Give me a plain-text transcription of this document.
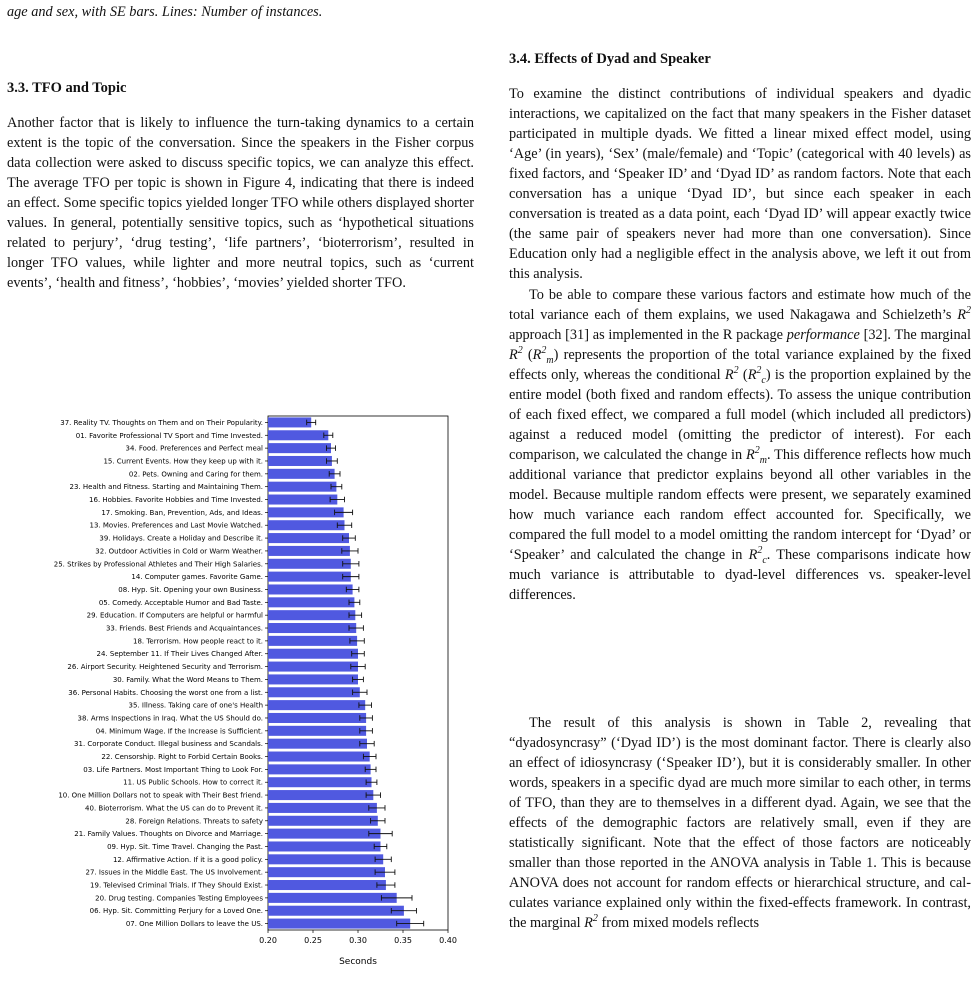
age and sex, with SE bars. Lines: Number of instances.

3.3. TFO and Topic

Another factor that is likely to influence the turn-taking dynamics to a certain extent is the topic of the conversation. Since the speakers in the Fisher corpus data collection were asked to discuss specific topics, we can analyze this effect. The average TFO per topic is shown in Figure 4, indicating that there is indeed an effect. Some specific topics yielded longer TFO while others displayed shorter values. In general, potentially sensitive topics, such as ‘hypothetical situations related to perjury’, ‘drug testing’, ‘life partners’, ‘bioterrorism’, resulted in longer TFO values, while lighter and more neutral topics, such as ‘current events’, ‘health and fitness’, ‘hobbies’, ‘movies’ yielded shorter TFO.

37. Reality TV. Thoughts on Them and on Their Popularity.
01. Favorite Professional TV Sport and Time Invested.
34. Food. Preferences and Perfect meal
15. Current Events. How they keep up with it.
02. Pets. Owning and Caring for them.
23. Health and Fitness. Starting and Maintaining Them.
16. Hobbies. Favorite Hobbies and Time Invested.
17. Smoking. Ban, Prevention, Ads, and Ideas.
13. Movies. Preferences and Last Movie Watched.
39. Holidays. Create a Holiday and Describe it.
32. Outdoor Activities in Cold or Warm Weather.
25. Strikes by Professional Athletes and Their High Salaries.
14. Computer games. Favorite Game.
08. Hyp. Sit. Opening your own Business.
05. Comedy. Acceptable Humor and Bad Taste.
29. Education. If Computers are helpful or harmful
33. Friends. Best Friends and Acquaintances.
18. Terrorism. How people react to it.
24. September 11. If Their Lives Changed After.
26. Airport Security. Heightened Security and Terrorism.
30. Family. What the Word Means to Them.
36. Personal Habits. Choosing the worst one from a list.
35. Illness. Taking care of one's Health
38. Arms Inspections in Iraq. What the US Should do.
04. Minimum Wage. If the Increase is Sufficient.
31. Corporate Conduct. Illegal business and Scandals.
22. Censorship. Right to Forbid Certain Books.
03. Life Partners. Most Important Thing to Look For.
11. US Public Schools. How to correct it.
10. One Million Dollars not to speak with Their Best friend.
40. Bioterrorism. What the US can do to Prevent it.
28. Foreign Relations. Threats to safety
21. Family Values. Thoughts on Divorce and Marriage.
09. Hyp. Sit. Time Travel. Changing the Past.
12. Affirmative Action. If it is a good policy.
27. Issues in the Middle East. The US Involvement.
19. Televised Criminal Trials. If They Should Exist.
20. Drug testing. Companies Testing Employees
06. Hyp. Sit. Committing Perjury for a Loved One.
07. One Million Dollars to leave the US.
0.20	0.25	0.30	0.35	0.40
Seconds
3.4. Effects of Dyad and Speaker

To examine the distinct contributions of individual speakers and dyadic interactions, we capitalized on the fact that many speakers in the Fisher dataset participated in multiple dyads. We fitted a linear mixed effect model, using ‘Age’ (in years), ‘Sex’ (male/female) and ‘Topic’ (categorical with 40 levels) as fixed factors, and ‘Speaker ID’ and ‘Dyad ID’ as random factors. Note that each conversation has a unique ‘Dyad ID’, but since each speaker in each conversation is treated as a data point, each ‘Dyad ID’ will appear exactly twice (the same pair of speakers never had more than one conversation). Since Education only had a negligible effect in the analysis above, we left it out from this analysis.

To be able to compare these various factors and estimate how much of the total variance each of them explains, we used Nakagawa and Schielzeth’s $R^2$ approach [31] as implemented in the R package performance [32]. The marginal $R^2$ $(R^2_m)$ represents the proportion of the total variance explained by the fixed effects only, whereas the conditional $R^2$ $(R^2_c)$ is the proportion explained by the entire model (both fixed and random effects). To assess the unique contribution of each fixed effect, we compared a full model (which included all predictors) against a reduced model (omitting the predictor of interest). For each comparison, we calculated the change in $R^2_m$. This difference reflects how much additional variance that predictor explains beyond all other variables in the model. Because multiple random effects were present, we separately examined how much variance each random effect accounted for. Specifically, we compared the full model to a model omitting the random intercept for ‘Dyad’ or ‘Speaker’ and calculated the change in $R^2_c$. These comparisons indicate how much variance is attributable to dyad-level differences vs. speaker-level differences.

The result of this analysis is shown in Table 2, revealing that “dyadosyncrasy” (‘Dyad ID’) is the most dominant factor. There is clearly also an effect of idiosyncrasy (‘Speaker ID’), but it is considerably smaller. In other words, speakers in a specific dyad are much more similar to each other, in terms of TFO, than they are to themselves in a different dyad. Again, we see that the effects of the demographic factors are relatively small, even if they are statistically significant. Note that the effect of those factors are noticeably smaller than those reported in the ANOVA analysis in Table 1. This is because ANOVA does not account for random effects or hierarchical structure, and calculates variance explained only within the fixed-effects framework. In contrast, the marginal $R^2$ from mixed models reflects
